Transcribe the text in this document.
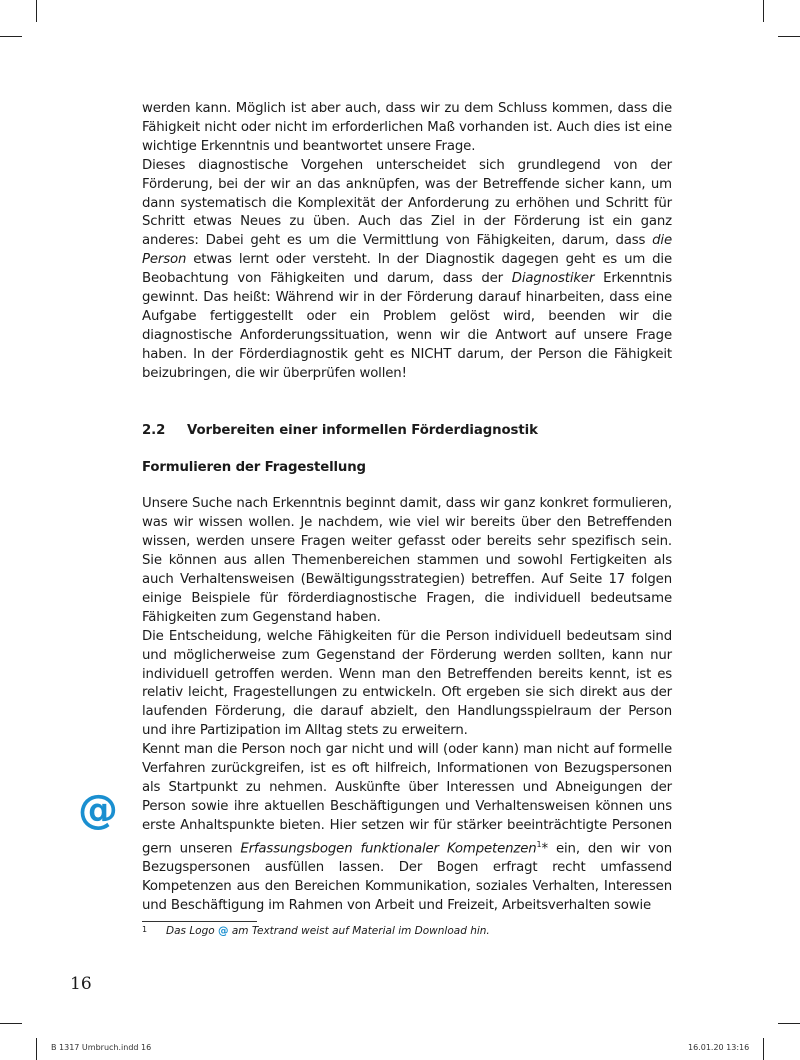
werden kann. Möglich ist aber auch, dass wir zu dem Schluss kommen, dass die Fähigkeit nicht oder nicht im erforderlichen Maß vorhanden ist. Auch dies ist eine wichtige Erkenntnis und beantwortet unsere Frage.

Dieses diagnostische Vorgehen unterscheidet sich grundlegend von der Förderung, bei der wir an das anknüpfen, was der Betreffende sicher kann, um dann systematisch die Komplexität der Anforderung zu erhöhen und Schritt für Schritt etwas Neues zu üben. Auch das Ziel in der Förderung ist ein ganz anderes: Dabei geht es um die Vermittlung von Fähigkeiten, darum, dass die Person etwas lernt oder versteht. In der Diagnostik dagegen geht es um die Beobachtung von Fähigkeiten und darum, dass der Diagnostiker Erkenntnis gewinnt. Das heißt: Während wir in der Förderung darauf hinarbeiten, dass eine Aufgabe fertiggestellt oder ein Problem gelöst wird, beenden wir die diagnostische Anforderungssituation, wenn wir die Antwort auf unsere Frage haben. In der Förderdiagnostik geht es NICHT darum, der Person die Fähigkeit beizubringen, die wir überprüfen wollen!

2.2 Vorbereiten einer informellen Förderdiagnostik

Formulieren der Fragestellung

Unsere Suche nach Erkenntnis beginnt damit, dass wir ganz konkret formulieren, was wir wissen wollen. Je nachdem, wie viel wir bereits über den Betreffenden wissen, werden unsere Fragen weiter gefasst oder bereits sehr spezifisch sein. Sie können aus allen Themenbereichen stammen und sowohl Fertigkeiten als auch Verhaltensweisen (Bewältigungsstrategien) betreffen. Auf Seite 17 folgen einige Beispiele für förderdiagnostische Fragen, die individuell bedeutsame Fähigkeiten zum Gegenstand haben.

Die Entscheidung, welche Fähigkeiten für die Person individuell bedeutsam sind und möglicherweise zum Gegenstand der Förderung werden sollten, kann nur individuell getroffen werden. Wenn man den Betreffenden bereits kennt, ist es relativ leicht, Fragestellungen zu entwickeln. Oft ergeben sie sich direkt aus der laufenden Förderung, die darauf abzielt, den Handlungsspielraum der Person und ihre Partizipation im Alltag stets zu erweitern.

Kennt man die Person noch gar nicht und will (oder kann) man nicht auf formelle Verfahren zurückgreifen, ist es oft hilfreich, Informationen von Bezugspersonen als Startpunkt zu nehmen. Auskünfte über Interessen und Abneigungen der Person sowie ihre aktuellen Beschäftigungen und Verhaltensweisen können uns erste Anhaltspunkte bieten. Hier setzen wir für stärker beeinträchtigte Personen gern unseren Erfassungsbogen funktionaler Kompetenzen$^1$* ein, den wir von Bezugspersonen ausfüllen lassen. Der Bogen erfragt recht umfassend Kompetenzen aus den Bereichen Kommunikation, soziales Verhalten, Interessen und Beschäftigung im Rahmen von Arbeit und Freizeit, Arbeitsverhalten sowie

@
1 Das Logo @ am Textrand weist auf Material im Download hin.
16
B 1317 Umbruch.indd 16	16.01.20 13:16
